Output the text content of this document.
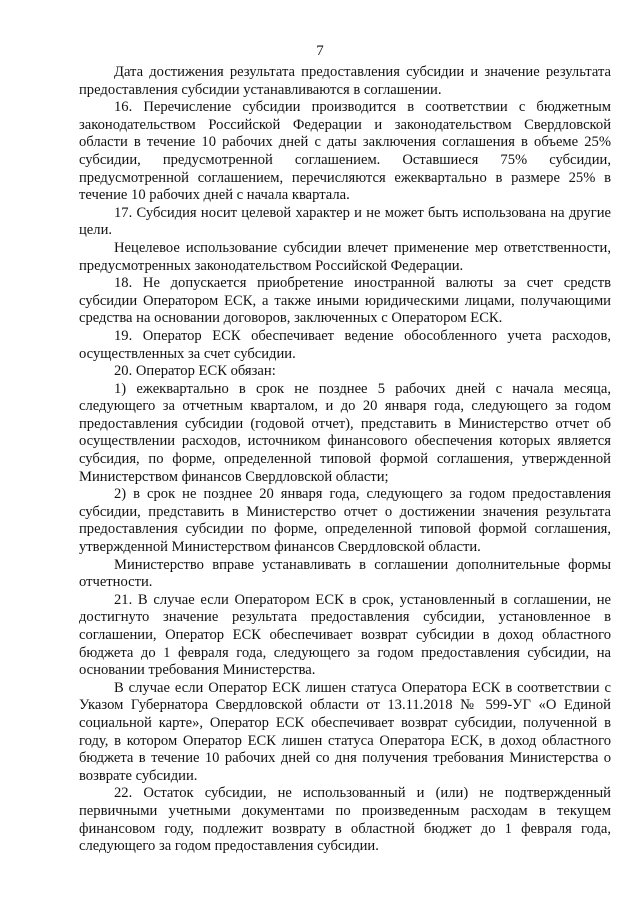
7

Дата достижения результата предоставления субсидии и значение результата предоставления субсидии устанавливаются в соглашении.

16. Перечисление субсидии производится в соответствии с бюджетным законодательством Российской Федерации и законодательством Свердловской области в течение 10 рабочих дней с даты заключения соглашения в объеме 25% субсидии, предусмотренной соглашением. Оставшиеся 75% субсидии, предусмотренной соглашением, перечисляются ежеквартально в размере 25% в течение 10 рабочих дней с начала квартала.

17. Субсидия носит целевой характер и не может быть использована на другие цели.

Нецелевое использование субсидии влечет применение мер ответственности, предусмотренных законодательством Российской Федерации.

18. Не допускается приобретение иностранной валюты за счет средств субсидии Оператором ЕСК, а также иными юридическими лицами, получающими средства на основании договоров, заключенных с Оператором ЕСК.

19. Оператор ЕСК обеспечивает ведение обособленного учета расходов, осуществленных за счет субсидии.

20. Оператор ЕСК обязан:

1) ежеквартально в срок не позднее 5 рабочих дней с начала месяца, следующего за отчетным кварталом, и до 20 января года, следующего за годом предоставления субсидии (годовой отчет), представить в Министерство отчет об осуществлении расходов, источником финансового обеспечения которых является субсидия, по форме, определенной типовой формой соглашения, утвержденной Министерством финансов Свердловской области;

2) в срок не позднее 20 января года, следующего за годом предоставления субсидии, представить в Министерство отчет о достижении значения результата предоставления субсидии по форме, определенной типовой формой соглашения, утвержденной Министерством финансов Свердловской области.

Министерство вправе устанавливать в соглашении дополнительные формы отчетности.

21. В случае если Оператором ЕСК в срок, установленный в соглашении, не достигнуто значение результата предоставления субсидии, установленное в соглашении, Оператор ЕСК обеспечивает возврат субсидии в доход областного бюджета до 1 февраля года, следующего за годом предоставления субсидии, на основании требования Министерства.

В случае если Оператор ЕСК лишен статуса Оператора ЕСК в соответствии с Указом Губернатора Свердловской области от 13.11.2018 № 599-УГ «О Единой социальной карте», Оператор ЕСК обеспечивает возврат субсидии, полученной в году, в котором Оператор ЕСК лишен статуса Оператора ЕСК, в доход областного бюджета в течение 10 рабочих дней со дня получения требования Министерства о возврате субсидии.

22. Остаток субсидии, не использованный и (или) не подтвержденный первичными учетными документами по произведенным расходам в текущем финансовом году, подлежит возврату в областной бюджет до 1 февраля года, следующего за годом предоставления субсидии.
